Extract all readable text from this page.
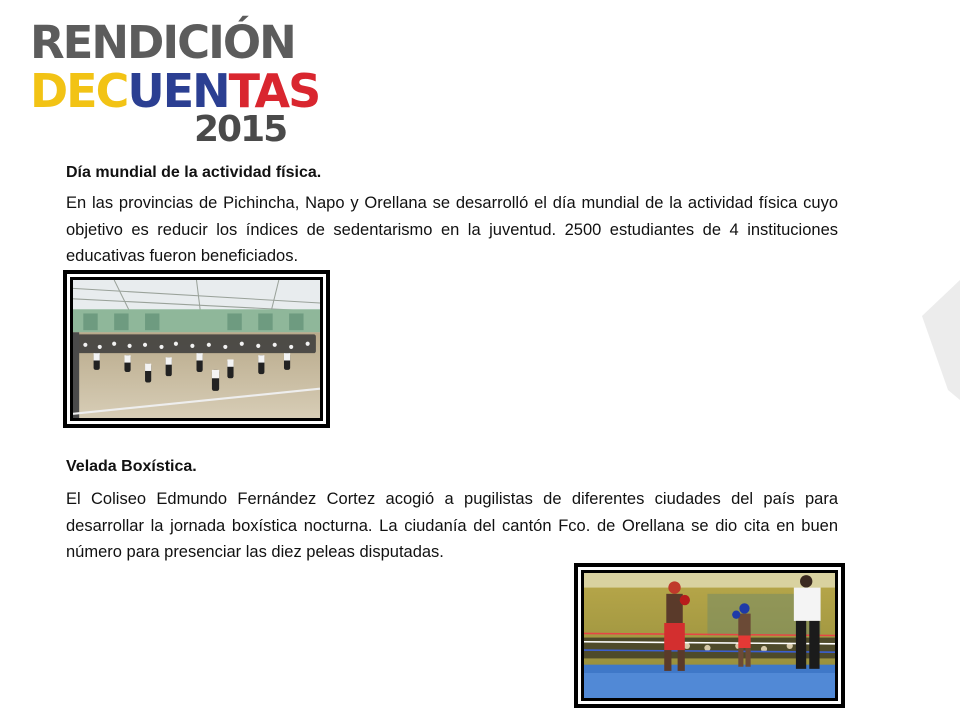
RENDICIÓN
DECUENTAS
2015
Día mundial de la actividad física.

En las provincias de Pichincha, Napo y Orellana se desarrolló el día mundial de la actividad física cuyo objetivo es reducir los índices de sedentarismo en la juventud. 2500 estudiantes de 4 instituciones educativas fueron beneficiados.

Velada Boxística.

El Coliseo Edmundo Fernández Cortez acogió a pugilistas de diferentes ciudades del país para desarrollar la jornada boxística nocturna. La ciudanía del cantón Fco. de Orellana se dio cita en buen número para presenciar las diez peleas disputadas.
